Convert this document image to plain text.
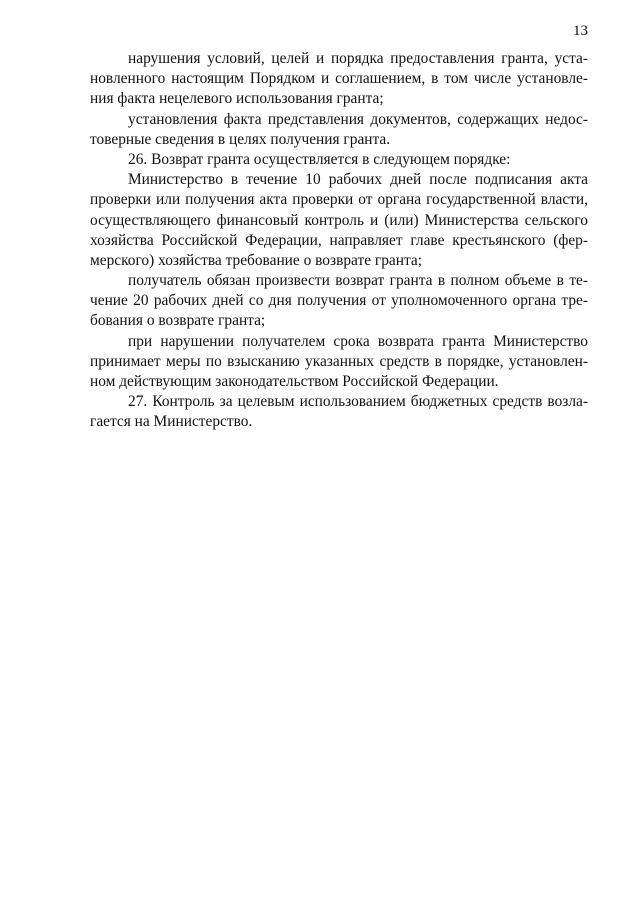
13
нарушения условий, целей и порядка предоставления гранта, уста-
новленного настоящим Порядком и соглашением, в том числе установле-
ния факта нецелевого использования гранта;
установления факта представления документов, содержащих недос-
товерные сведения в целях получения гранта.
26. Возврат гранта осуществляется в следующем порядке:
Министерство в течение 10 рабочих дней после подписания акта
проверки или получения акта проверки от органа государственной власти,
осуществляющего финансовый контроль и (или) Министерства сельского
хозяйства Российской Федерации, направляет главе крестьянского (фер-
мерского) хозяйства требование о возврате гранта;
получатель обязан произвести возврат гранта в полном объеме в те-
чение 20 рабочих дней со дня получения от уполномоченного органа тре-
бования о возврате гранта;
при нарушении получателем срока возврата гранта Министерство
принимает меры по взысканию указанных средств в порядке, установлен-
ном действующим законодательством Российской Федерации.
27. Контроль за целевым использованием бюджетных средств возла-
гается на Министерство.
